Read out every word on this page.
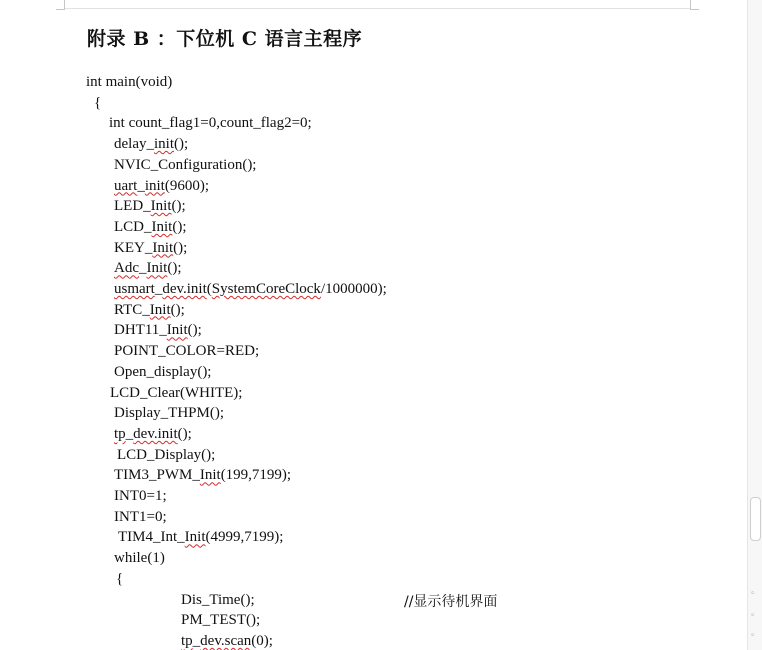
附录 B ：下位机 C 语言主程序
int main(void)
{
int count_flag1=0,count_flag2=0;
delay_init();
NVIC_Configuration();
uart_init(9600);
LED_Init();
LCD_Init();
KEY_Init();
Adc_Init();
usmart_dev.init(SystemCoreClock/1000000);
RTC_Init();
DHT11_Init();
POINT_COLOR=RED;
Open_display();
LCD_Clear(WHITE);
Display_THPM();
tp_dev.init();
LCD_Display();
TIM3_PWM_Init(199,7199);
INT0=1;
INT1=0;
TIM4_Int_Init(4999,7199);
while(1)
{
Dis_Time();
PM_TEST();
tp_dev.scan(0);
//显示待机界面
。
。
。
